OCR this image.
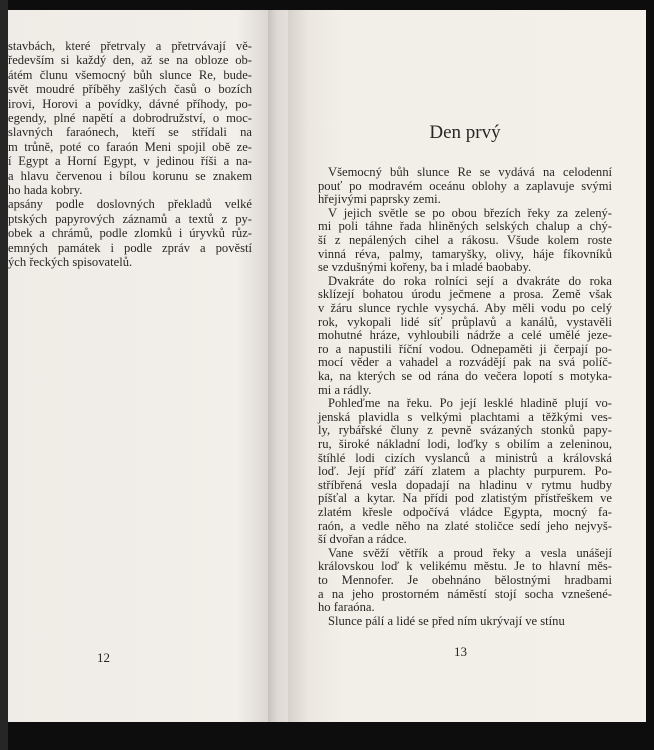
stavbách, které přetrvaly a přetrvávají vě-
ředevším si každý den, až se na obloze ob-
átém člunu všemocný bůh slunce Re, bude-
svět moudré příběhy zašlých časů o bozích
irovi, Horovi a povídky, dávné příhody, po-
egendy, plné napětí a dobrodružství, o moc-
slavných faraónech, kteří se střídali na
m trůně, poté co faraón Meni spojil obě ze-
í Egypt a Horní Egypt, v jedinou říši a na-
a hlavu červenou i bílou korunu se znakem
ho hada kobry.
apsány podle doslovných překladů velké
ptských papyrových záznamů a textů z py-
obek a chrámů, podle zlomků i úryvků růz-
emných památek i podle zpráv a pověstí
ých řeckých spisovatelů.
Den prvý
Všemocný bůh slunce Re se vydává na celodenní
pouť po modravém oceánu oblohy a zaplavuje svými
hřejivými paprsky zemi.
V jejich světle se po obou březích řeky za zelený-
mi poli táhne řada hliněných selských chalup a chý-
ší z nepálených cihel a rákosu. Všude kolem roste
vinná réva, palmy, tamaryšky, olivy, háje fíkovníků
se vzdušnými kořeny, ba i mladé baobaby.
Dvakráte do roka rolníci sejí a dvakráte do roka
sklízejí bohatou úrodu ječmene a prosa. Země však
v žáru slunce rychle vysychá. Aby měli vodu po celý
rok, vykopali lidé síť průplavů a kanálů, vystavěli
mohutné hráze, vyhloubili nádrže a celé umělé jeze-
ro a napustili říční vodou. Odnepaměti ji čerpají po-
mocí věder a vahadel a rozvádějí pak na svá políč-
ka, na kterých se od rána do večera lopotí s motyka-
mi a rádly.
Pohleďme na řeku. Po její lesklé hladině plují vo-
jenská plavidla s velkými plachtami a těžkými ves-
ly, rybářské čluny z pevně svázaných stonků papy-
ru, široké nákladní lodi, loďky s obilím a zeleninou,
štíhlé lodi cizích vyslanců a ministrů a královská
loď. Její příď září zlatem a plachty purpurem. Po-
stříbřená vesla dopadají na hladinu v rytmu hudby
píšťal a kytar. Na přídi pod zlatistým přístřeškem ve
zlatém křesle odpočívá vládce Egypta, mocný fa-
raón, a vedle něho na zlaté stoličce sedí jeho nejvyš-
ší dvořan a rádce.
Vane svěží větřík a proud řeky a vesla unášejí
královskou loď k velikému městu. Je to hlavní měs-
to Mennofer. Je obehnáno bělostnými hradbami
a na jeho prostorném náměstí stojí socha vznešené-
ho faraóna.
Slunce pálí a lidé se před ním ukrývají ve stínu
12	13
